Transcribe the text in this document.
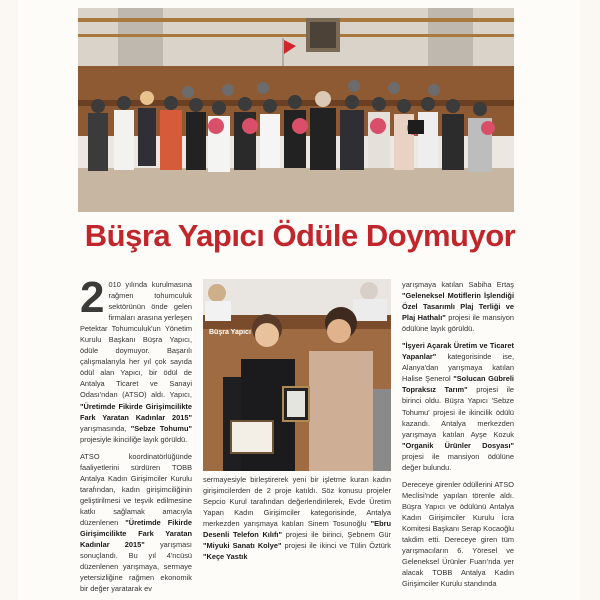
Büşra Yapıcı Ödüle Doymuyor
Büşra Yapıcı

2 010 yılında kurulmasına rağmen tohumculuk sektörünün önde gelen firmaları arasına yerleşen Petektar Tohumculuk'un Yönetim Kurulu Başkanı Büşra Yapıcı, ödüle doymuyor. Başarılı çalışmalarıyla her yıl çok sayıda ödül alan Yapıcı, bir ödül de Antalya Ticaret ve Sanayi Odası'ndan (ATSO) aldı. Yapıcı, "Üretimde Fikirde Girişimcilikte Fark Yaratan Kadınlar 2015" yarışmasında, "Sebze Tohumu" projesiyle ikinciliğe layık görüldü.

ATSO koordinatörlüğünde faaliyetlerini sürdüren TOBB Antalya Kadın Girişimciler Kurulu tarafından, kadın girişimciliğinin geliştirilmesi ve teşvik edilmesine katkı sağlamak amacıyla düzenlenen "Üretimde Fikirde Girişimcilikte Fark Yaratan Kadınlar 2015" yarışması sonuçlandı. Bu yıl 4'ncüsü düzenlenen yarışmaya, sermaye yetersizliğine rağmen ekonomik bir değer yaratarak ev

sermayesiyle birleştirerek yeni bir işletme kuran kadın girişimcilerden de 2 proje katıldı. Söz konusu projeler Sepcio Kurul tarafından değerlendirilerek, Evde Üretim Yapan Kadın Girişimciler kategorisinde, Antalya merkezden yarışmaya katılan Sinem Tosunoğlu "Ebru Desenli Telefon Kılıfı" projesi ile birinci, Şebnem Gür "Miyuki Sanatı Kolye" projesi ile ikinci ve Tülin Öztürk "Keçe Yastık

yarışmaya katılan Sabiha Ertaş "Geleneksel Motiflerin İşlendiği Özel Tasarımlı Plaj Terliği ve Plaj Hathalı" projesi ile mansiyon ödülüne layık görüldü.

"İşyeri Açarak Üretim ve Ticaret Yapanlar" kategorisinde ise, Alanya'dan yarışmaya katılan Halise Şenerol "Solucan Gübreli Topraksız Tarım" projesi ile birinci oldu. Büşra Yapıcı 'Sebze Tohumu' projesi ile ikincilik ödülü kazandı. Antalya merkezden yarışmaya katılan Ayşe Kozuk "Organik Ürünler Dosyası" projesi ile mansiyon ödülüne değer bulundu.

Dereceye girenler ödüllerini ATSO Meclisi'nde yapılan törenle aldı. Büşra Yapıcı ve ödülünü Antalya Kadın Girişimciler Kurulu İcra Komitesi Başkanı Serap Kocaoğlu takdim etti. Dereceye giren tüm yarışmacıların 6. Yöresel ve Geleneksel Ürünler Fuarı'nda yer alacak TOBB Antalya Kadın Girişimciler Kurulu standında
